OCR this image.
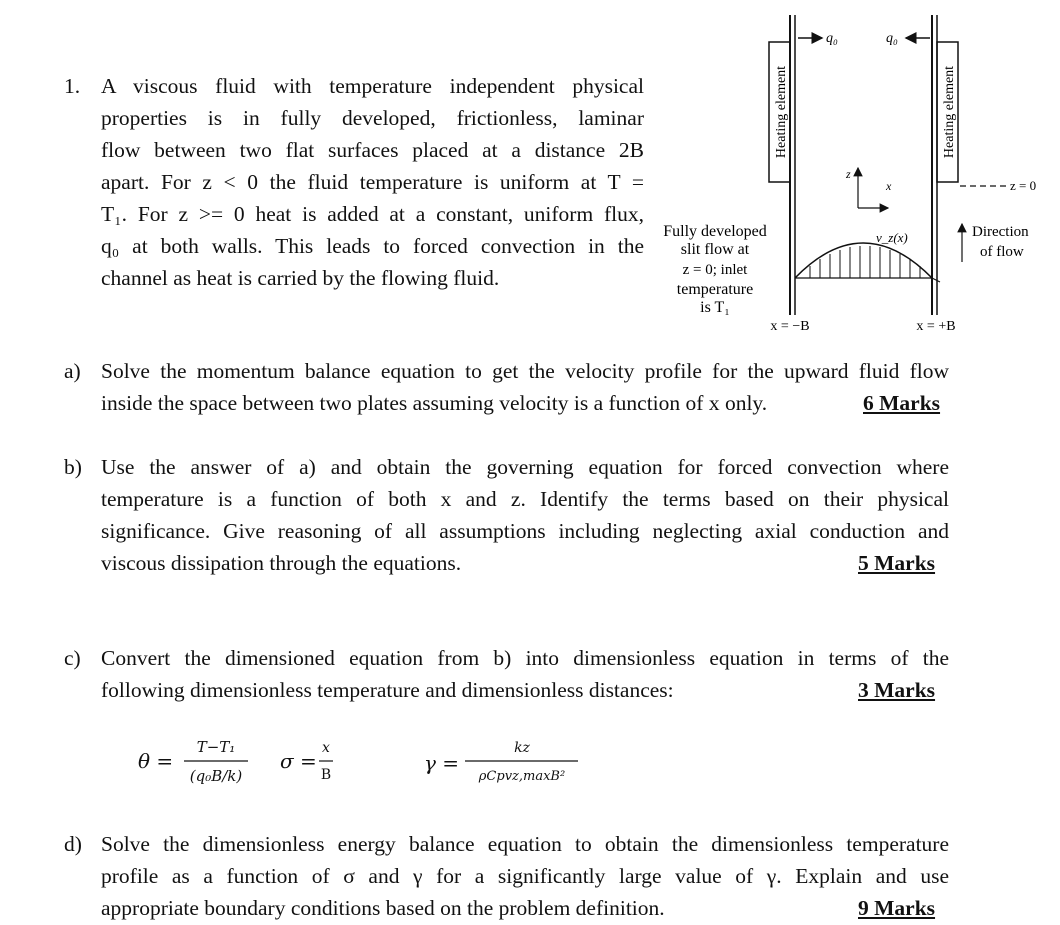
1. A viscous fluid with temperature independent physical
properties is in fully developed, frictionless, laminar
flow between two flat surfaces placed at a distance 2B
apart. For z < 0 the fluid temperature is uniform at T =
T₁. For z >= 0 heat is added at a constant, uniform flux,
q₀ at both walls. This leads to forced convection in the
channel as heat is carried by the flowing fluid.
Heating element	Heating element
q₀	q₀
z
x	z = 0
v_z(x)	Direction
of flow
Fully developed
slit flow at
z = 0; inlet
temperature
is T₁
x = −B	x = +B
a) Solve the momentum balance equation to get the velocity profile for the upward fluid flow
inside the space between two plates assuming velocity is a function of x only.	6 Marks
b) Use the answer of a) and obtain the governing equation for forced convection where
temperature is a function of both x and z. Identify the terms based on their physical
significance. Give reasoning of all assumptions including neglecting axial conduction and
viscous dissipation through the equations.	5 Marks
c) Convert the dimensioned equation from b) into dimensionless equation in terms of the
following dimensionless temperature and dimensionless distances:	3 Marks
θ =
T−T₁
(q₀B/k)
σ =
x
B	γ =
kz
ρCpvz,maxB²
d) Solve the dimensionless energy balance equation to obtain the dimensionless temperature
profile as a function of σ and γ for a significantly large value of γ. Explain and use
appropriate boundary conditions based on the problem definition.	9 Marks
